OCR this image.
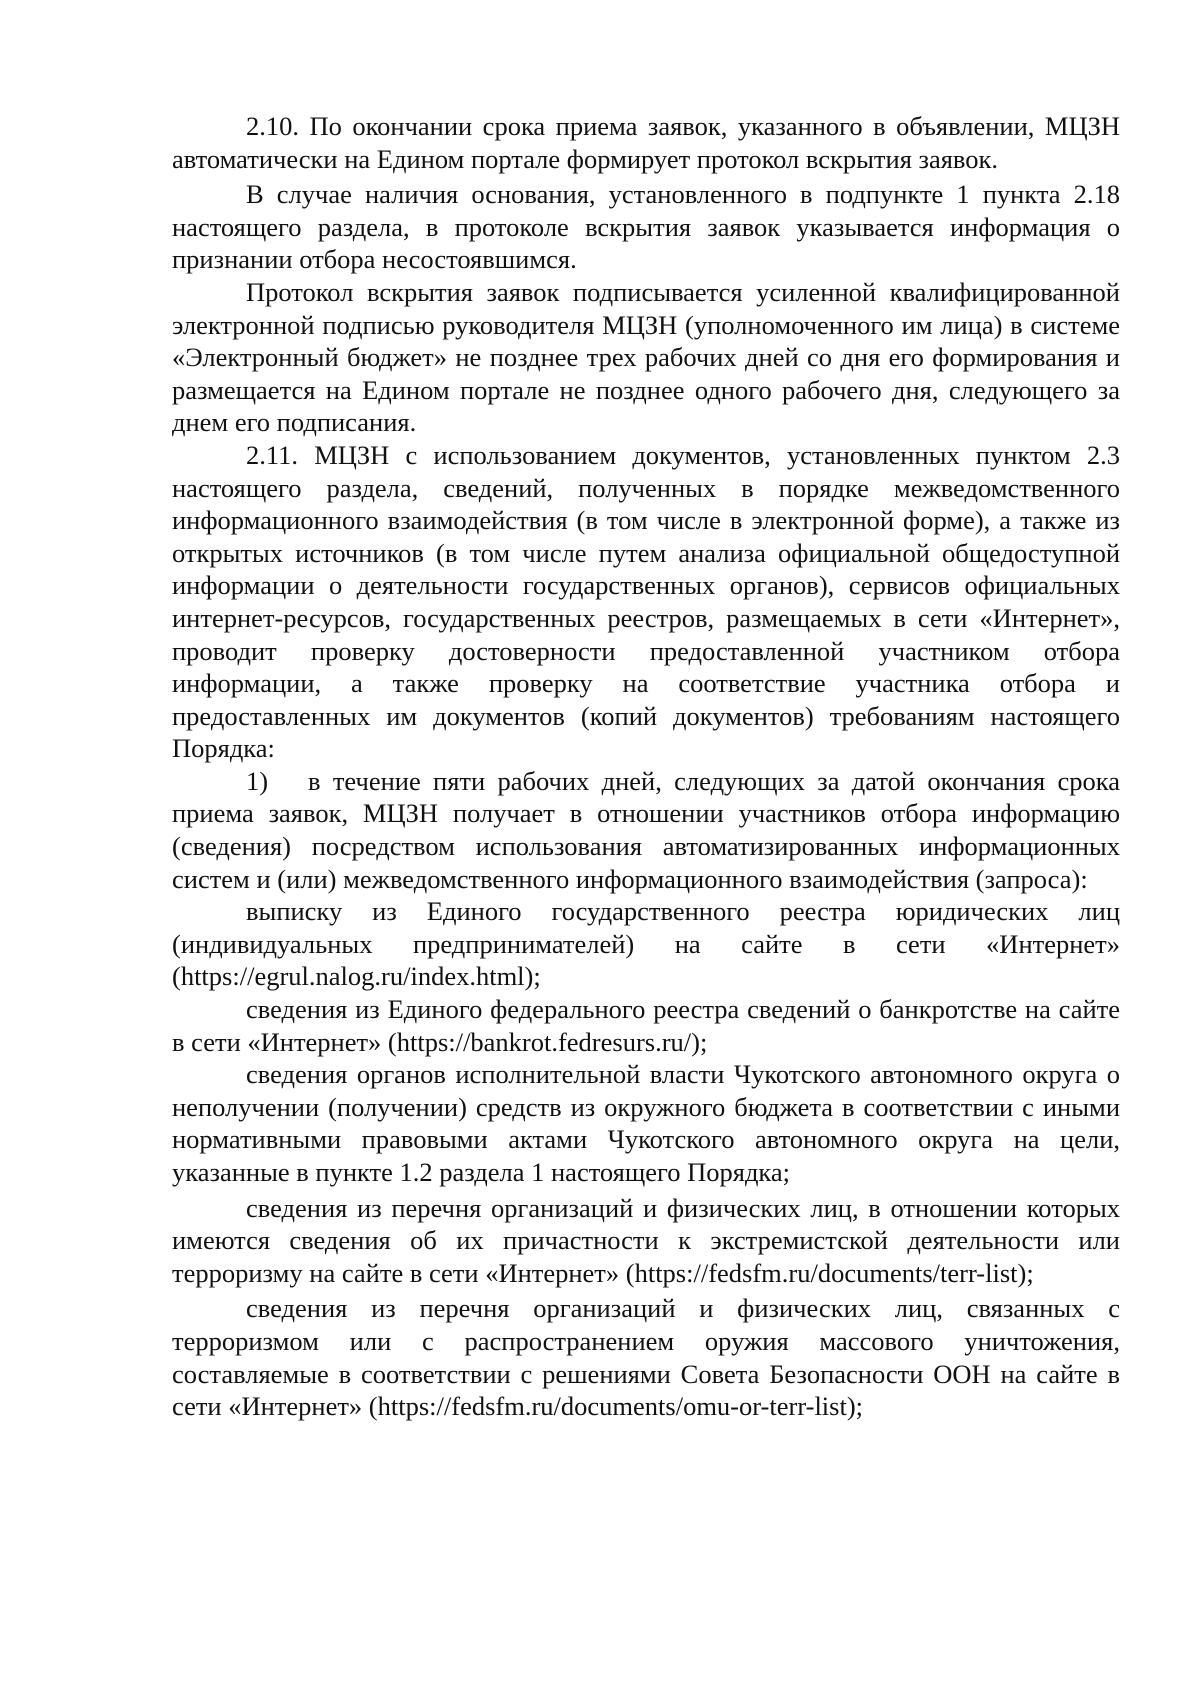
2.10. По окончании срока приема заявок, указанного в объявлении, МЦЗН автоматически на Едином портале формирует протокол вскрытия заявок.

В случае наличия основания, установленного в подпункте 1 пункта 2.18 настоящего раздела, в протоколе вскрытия заявок указывается информация о признании отбора несостоявшимся.

Протокол вскрытия заявок подписывается усиленной квалифицированной электронной подписью руководителя МЦЗН (уполномоченного им лица) в системе «Электронный бюджет» не позднее трех рабочих дней со дня его формирования и размещается на Едином портале не позднее одного рабочего дня, следующего за днем его подписания.

2.11. МЦЗН с использованием документов, установленных пунктом 2.3 настоящего раздела, сведений, полученных в порядке межведомственного информационного взаимодействия (в том числе в электронной форме), а также из открытых источников (в том числе путем анализа официальной общедоступной информации о деятельности государственных органов), сервисов официальных интернет-ресурсов, государственных реестров, размещаемых в сети «Интернет», проводит проверку достоверности предоставленной участником отбора информации, а также проверку на соответствие участника отбора и предоставленных им документов (копий документов) требованиям настоящего Порядка:

1) в течение пяти рабочих дней, следующих за датой окончания срока приема заявок, МЦЗН получает в отношении участников отбора информацию (сведения) посредством использования автоматизированных информационных систем и (или) межведомственного информационного взаимодействия (запроса):

выписку из Единого государственного реестра юридических лиц (индивидуальных предпринимателей) на сайте в сети «Интернет» (https://egrul.nalog.ru/index.html);

сведения из Единого федерального реестра сведений о банкротстве на сайте в сети «Интернет» (https://bankrot.fedresurs.ru/);

сведения органов исполнительной власти Чукотского автономного округа о неполучении (получении) средств из окружного бюджета в соответствии с иными нормативными правовыми актами Чукотского автономного округа на цели, указанные в пункте 1.2 раздела 1 настоящего Порядка;

сведения из перечня организаций и физических лиц, в отношении которых имеются сведения об их причастности к экстремистской деятельности или терроризму на сайте в сети «Интернет» (https://fedsfm.ru/documents/terr-list);

сведения из перечня организаций и физических лиц, связанных с терроризмом или с распространением оружия массового уничтожения, составляемые в соответствии с решениями Совета Безопасности ООН на сайте в сети «Интернет» (https://fedsfm.ru/documents/omu-or-terr-list);
